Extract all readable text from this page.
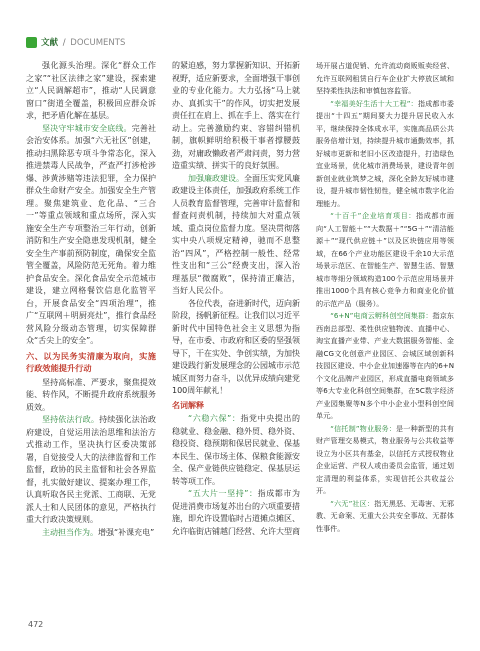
文献 / DOCUMENTS

强化源头治理。深化“群众工作之家”“社区法律之家”建设，探索建立“人民调解超市”，推动“人民调意窗口”街道全覆盖，积极回应群众诉求，把矛盾化解在基层。

坚决守牢城市安全底线。完善社会治安体系。加强“六无社区”创建，推动扫黑除恶专项斗争常态化，深入推进禁毒人民战争，严查严打涉枪涉爆、涉黄涉赌等违法犯罪，全力保护群众生命财产安全。加强安全生产管理。聚焦建筑业、危化品、“三合一”等重点领域和重点场所，深入实施安全生产专项整治三年行动，创新消防和生产安全隐患发现机制，健全安全生产事前预防制度，确保安全监管全覆盖，风险防范无死角。着力维护食品安全。深化食品安全示范城市建设，建立网格餐饮信息化监管平台，开展食品安全“四项治理”，推广“互联网＋明厨亮灶”，推行食品经营风险分级动态管理，切实保障群众“舌尖上的安全”。

六、以为民务实清廉为取向，实施行政效能提升行动

坚持高标准、严要求，聚焦提效能、转作风，不断提升政府系统服务质效。

坚持依法行政。持续强化法治政府建设，自觉运用法治思维和法治方式推动工作，坚决执行区委决策部署，自觉接受人大的法律监督和工作监督，政协的民主监督和社会各界监督，扎实做好建议、提案办理工作，认真听取各民主党派、工商联、无党派人士和人民团体的意见，严格执行重大行政决策规则。

主动担当作为。增强“补课充电”

的紧迫感，努力掌握新知识、开拓新视野，适应新要求，全面增强干事创业的专业化能力。大力弘扬“马上就办、真抓实干”的作风，切实把发展责任扛在肩上、抓在手上、落实在行动上。完善激励约束、容错纠错机制，旗帜鲜明给积极干事者撑腰鼓劲，对庸政懒政者严肃问责，努力营造重实绩、拼实干的良好氛围。

加强廉政建设。全面压实党风廉政建设主体责任，加强政府系统工作人员教育监督管理，完善审计监督和督查问责机制，持续加大对重点领域、重点岗位监督力度。坚决贯彻落实中央八项规定精神，驰而不息整治“四风”，严格控制一般性、经常性支出和“三公”经费支出，深入治理基层“微腐败”，保持清正廉洁，当好人民公仆。

各位代表，奋进新时代，迈向新阶段，扬帆新征程。让我们以习近平新时代中国特色社会主义思想为指导，在市委、市政府和区委的坚强领导下，干在实处、争创实绩，为加快建设践行新发展理念的公园城市示范城区而努力奋斗，以优异成绩向建党100周年献礼！

名词解释

“六稳六保”：指党中央提出的稳就业、稳金融、稳外贸、稳外资、稳投资、稳预期和保居民就业、保基本民生、保市场主体、保粮食能源安全、保产业链供应链稳定、保基层运转等项工作。

“五大片一坚持”：指成都市为促进消费市场复苏出台的六项重要措施，即允许设置临时占道摊点摊区、允许临街店铺越门经营、允许大型商

场开展占道促销、允许流动商贩贩卖经营、允许互联网租赁自行车企业扩大停放区域和坚持柔性执法和审慎包容监管。

“幸福美好生活十大工程”：指成都市委提出“十四五”期间要大力提升居民收入水平，继续保持全体成水平，实施高品质公共服务倍增计划，持续提升城市通勤效率，抓好城市更新和老旧小区改造提升，打造绿色宜业场景，优化城市消费场景，建设青年创新创业就业筑梦之城，深化全龄友好城市建设，提升城市韧性韧性，健全城市数字化治理能力。

“十百千”企业培育项目：指成都市面向“人工智能＋”“大数据＋”“5G＋”“清洁能源＋”“现代供应链＋”以及区块链应用等领域，在66个产业功能区建设千余10大示范场景示范区、在智能生产、智慧生活、智慧城市等细分领域构造100个示范应用场景并推出1000个具有核心竞争力和商业化价值的示范产品（服务）。

“6+N”电商云孵科创空间集群：指京东西南总部型、柔性供应链物流、直播中心、淘宝直播产业带、产业大数据服务智能、金融CG文化创意产业园区、会城区域创新科技园区建设、中小企业加速器等在内的6+N个文化品牌产业园区，形成直播电商领域多等6大专业化科创空间集群，在5C数字经济产业园集聚等N多个中小企业小型科创空间单元。

“信托制”物业服务：是一种新型的共有财产管理交易模式，物业服务与公共收益等设立为小区共有基金，以信托方式授权物业企业运营、产权人或由委员会监管，通过划定清理的利益体系，实现信托公共收益公开。

“六无”社区：指无黑恶、无毒害、无邪教、无命案、无重大公共安全事故、无群体性事件。

472
